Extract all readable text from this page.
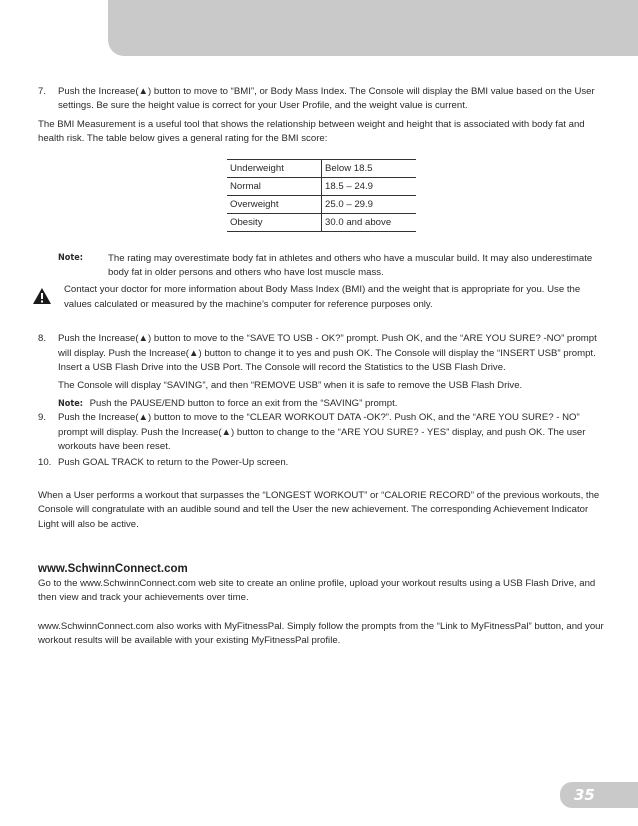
7. Push the Increase(▲) button to move to “BMI”, or Body Mass Index. The Console will display the BMI value based on the User settings. Be sure the height value is correct for your User Profile, and the weight value is current.

The BMI Measurement is a useful tool that shows the relationship between weight and height that is associated with body fat and health risk. The table below gives a general rating for the BMI score:

Underweight	Below 18.5
Normal	18.5 – 24.9
Overweight	25.0 – 29.9
Obesity	30.0 and above
Note:	The rating may overestimate body fat in athletes and others who have a muscular build. It may also underestimate body fat in older persons and others who have lost muscle mass.

Contact your doctor for more information about Body Mass Index (BMI) and the weight that is appropriate for you. Use the values calculated or measured by the machine’s computer for reference purposes only.

8. Push the Increase(▲) button to move to the “SAVE TO USB - OK?” prompt. Push OK, and the “ARE YOU SURE? -NO” prompt will display. Push the Increase(▲) button to change it to yes and push OK. The Console will display the “INSERT USB” prompt. Insert a USB Flash Drive into the USB Port. The Console will record the Statistics to the USB Flash Drive.

The Console will display “SAVING”, and then “REMOVE USB” when it is safe to remove the USB Flash Drive.

Note: Push the PAUSE/END button to force an exit from the “SAVING” prompt.

9. Push the Increase(▲) button to move to the “CLEAR WORKOUT DATA -OK?”. Push OK, and the “ARE YOU SURE? - NO” prompt will display. Push the Increase(▲) button to change to the “ARE YOU SURE? - YES” display, and push OK. The user workouts have been reset.

10. Push GOAL TRACK to return to the Power-Up screen.

When a User performs a workout that surpasses the “LONGEST WORKOUT” or “CALORIE RECORD” of the previous workouts, the Console will congratulate with an audible sound and tell the User the new achievement. The corresponding Achievement Indicator Light will also be active.

www.SchwinnConnect.com

Go to the www.SchwinnConnect.com web site to create an online profile, upload your workout results using a USB Flash Drive, and then view and track your achievements over time.

www.SchwinnConnect.com also works with MyFitnessPal. Simply follow the prompts from the “Link to MyFitnessPal” button, and your workout results will be available with your existing MyFitnessPal profile.

35
